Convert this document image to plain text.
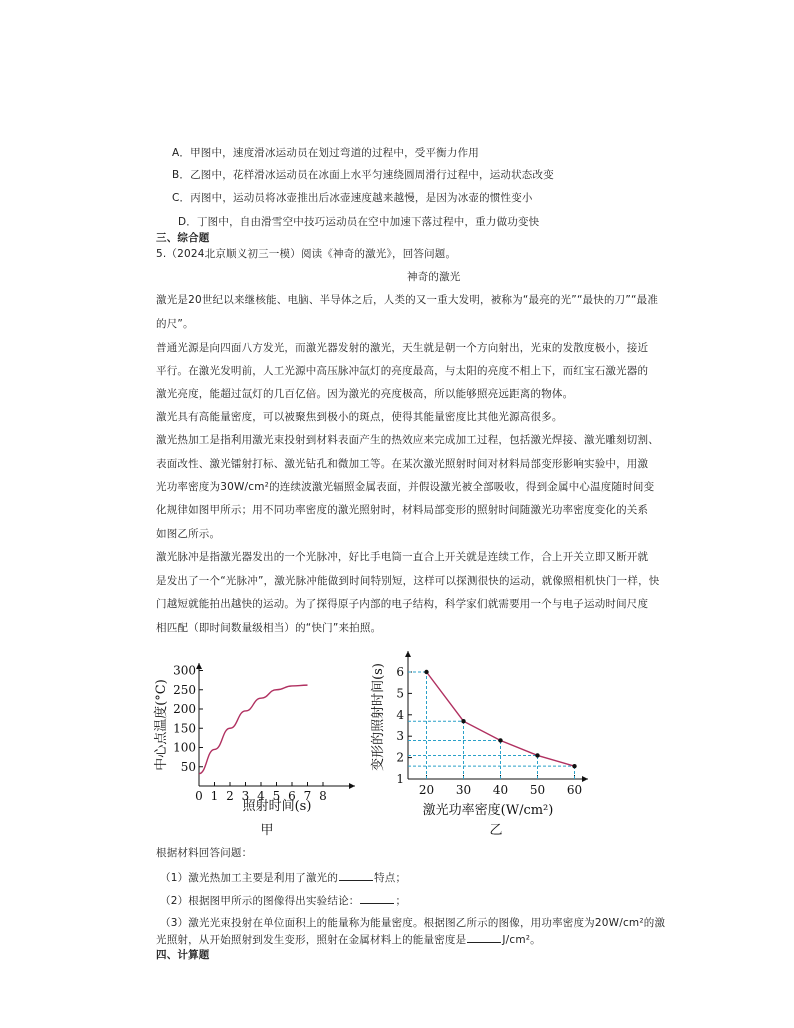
A．甲图中，速度滑冰运动员在划过弯道的过程中，受平衡力作用
B．乙图中，花样滑冰运动员在冰面上水平匀速绕圆周滑行过程中，运动状态改变
C．丙图中，运动员将冰壶推出后冰壶速度越来越慢，是因为冰壶的惯性变小
D．丁图中，自由滑雪空中技巧运动员在空中加速下落过程中，重力做功变快
三、综合题
5.（2024北京顺义初三一模）阅读《神奇的激光》，回答问题。
神奇的激光
激光是20世纪以来继核能、电脑、半导体之后，人类的又一重大发明，被称为“最亮的光”“最快的刀”“最准
的尺”。
普通光源是向四面八方发光，而激光器发射的激光，天生就是朝一个方向射出，光束的发散度极小，接近
平行。在激光发明前，人工光源中高压脉冲氙灯的亮度最高，与太阳的亮度不相上下，而红宝石激光器的
激光亮度，能超过氙灯的几百亿倍。因为激光的亮度极高，所以能够照亮远距离的物体。
激光具有高能量密度，可以被聚焦到极小的斑点，使得其能量密度比其他光源高很多。
激光热加工是指利用激光束投射到材料表面产生的热效应来完成加工过程，包括激光焊接、激光雕刻切割、
表面改性、激光镭射打标、激光钻孔和微加工等。在某次激光照射时间对材料局部变形影响实验中，用激
光功率密度为30W/cm²的连续波激光辐照金属表面，并假设激光被全部吸收，得到金属中心温度随时间变
化规律如图甲所示；用不同功率密度的激光照射时，材料局部变形的照射时间随激光功率密度变化的关系
如图乙所示。
激光脉冲是指激光器发出的一个光脉冲，好比手电筒一直合上开关就是连续工作，合上开关立即又断开就
是发出了一个“光脉冲”，激光脉冲能做到时间特别短，这样可以探测很快的运动，就像照相机快门一样，快
门越短就能拍出越快的运动。为了探得原子内部的电子结构，科学家们就需要用一个与电子运动时间尺度
相匹配（即时间数量级相当）的“快门”来拍照。
0 1 2 3 4 5 6 7 8
50
100
150
200
250
300
照射时间(s)
中心点温度(°C)
甲
20 30 40 50 60
1
2
3
4
5
6
激光功率密度(W/cm²)
变形的照射时间(s)
乙
根据材料回答问题：
（1）激光热加工主要是利用了激光的	特点；
（2）根据图甲所示的图像得出实验结论：	；
（3）激光光束投射在单位面积上的能量称为能量密度。根据图乙所示的图像，用功率密度为20W/cm²的激
光照射，从开始照射到发生变形，照射在金属材料上的能量密度是	J/cm²。
四、计算题
